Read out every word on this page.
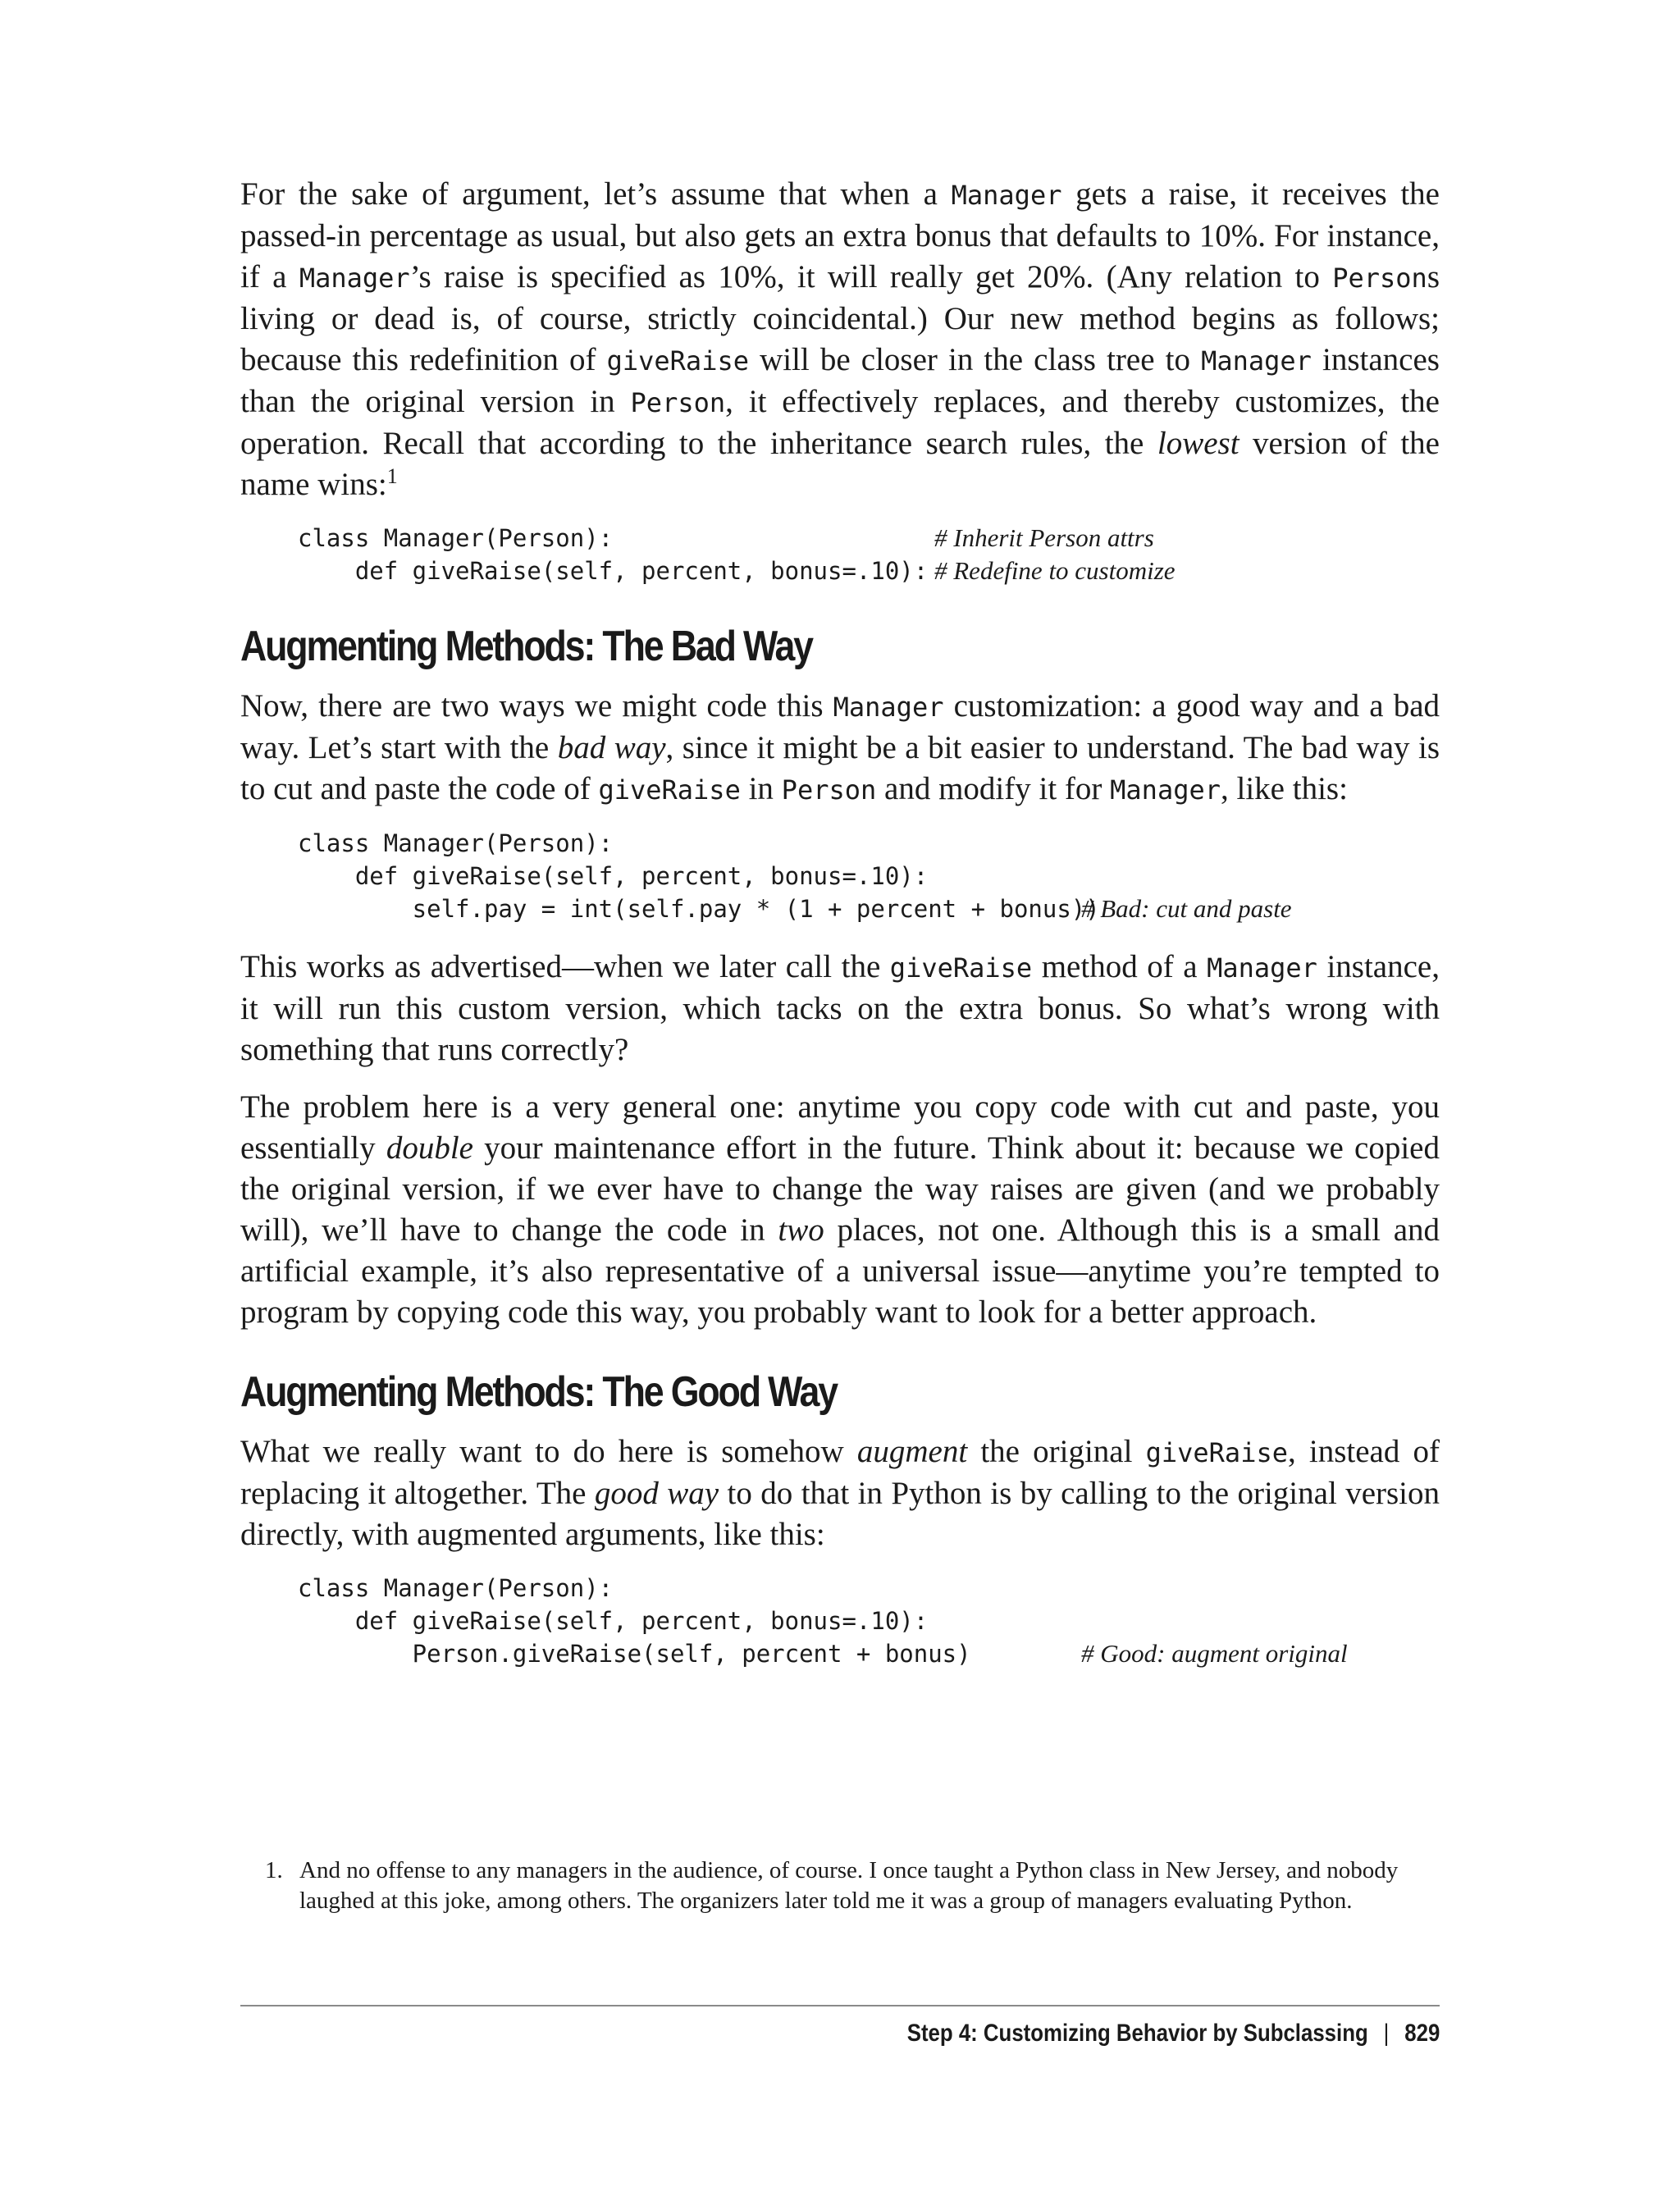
For the sake of argument, let’s assume that when a Manager gets a raise, it receives the passed-in percentage as usual, but also gets an extra bonus that defaults to 10%. For instance, if a Manager’s raise is specified as 10%, it will really get 20%. (Any relation to Persons living or dead is, of course, strictly coincidental.) Our new method begins as follows; because this redefinition of giveRaise will be closer in the class tree to Manager instances than the original version in Person, it effectively replaces, and thereby customizes, the operation. Recall that according to the inheritance search rules, the lowest version of the name wins:$^1$

class Manager(Person):	# Inherit Person attrs
def giveRaise(self, percent, bonus=.10): # Redefine to customize
Augmenting Methods: The Bad Way

Now, there are two ways we might code this Manager customization: a good way and a bad way. Let’s start with the bad way, since it might be a bit easier to understand. The bad way is to cut and paste the code of giveRaise in Person and modify it for Manager, like this:

class Manager(Person):
def giveRaise(self, percent, bonus=.10):
self.pay = int(self.pay * (1 + percent + bonus))
# Bad: cut and paste

This works as advertised—when we later call the giveRaise method of a Manager instance, it will run this custom version, which tacks on the extra bonus. So what’s wrong with something that runs correctly?

The problem here is a very general one: anytime you copy code with cut and paste, you essentially double your maintenance effort in the future. Think about it: because we copied the original version, if we ever have to change the way raises are given (and we probably will), we’ll have to change the code in two places, not one. Although this is a small and artificial example, it’s also representative of a universal issue—anytime you’re tempted to program by copying code this way, you probably want to look for a better approach.

Augmenting Methods: The Good Way

What we really want to do here is somehow augment the original giveRaise, instead of replacing it altogether. The good way to do that in Python is by calling to the original version directly, with augmented arguments, like this:

class Manager(Person):
def giveRaise(self, percent, bonus=.10):
Person.giveRaise(self, percent + bonus)	# Good: augment original
1. And no offense to any managers in the audience, of course. I once taught a Python class in New Jersey, and nobody laughed at this joke, among others. The organizers later told me it was a group of managers evaluating Python.
Step 4: Customizing Behavior by Subclassing | 829
